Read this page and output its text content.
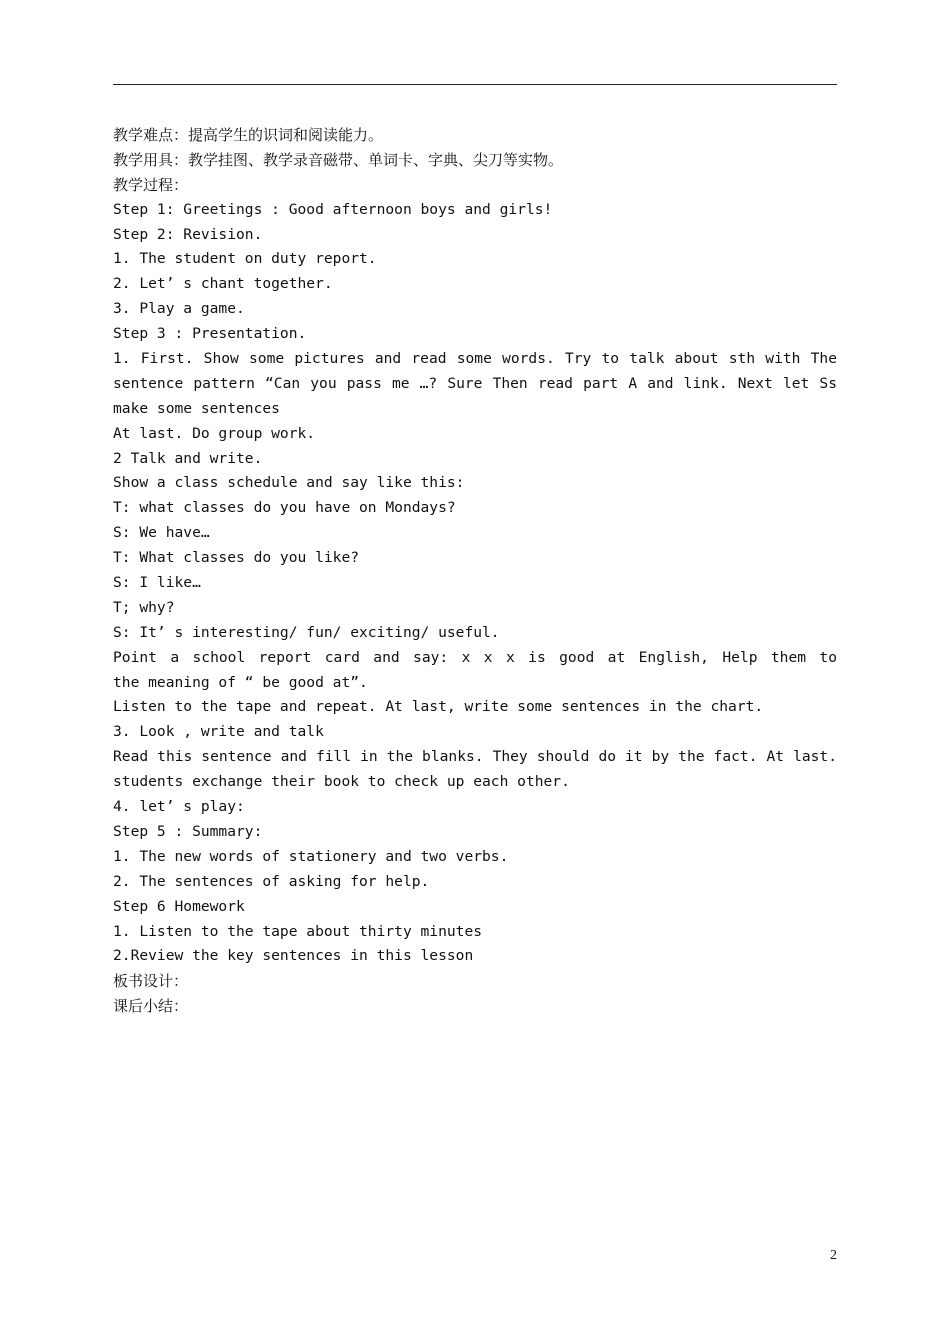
教学难点：提高学生的识词和阅读能力。
教学用具：教学挂图、教学录音磁带、单词卡、字典、尖刀等实物。
教学过程：
Step 1: Greetings : Good afternoon boys and girls!
Step 2: Revision.
1. The student on duty report.
2. Let’ s chant together.
3. Play a game.
Step 3 : Presentation.
1. First. Show some pictures and read some words. Try to talk about sth with The
sentence pattern “Can you pass me …? Sure Then read part A and link. Next let Ss
make some sentences
At last. Do group work.
2 Talk and write.
Show a class schedule and say like this:
T: what classes do you have on Mondays?
S: We have…
T: What classes do you like?
S: I like…
T; why?
S: It’ s interesting/ fun/ exciting/ useful.
Point a school report card and say: x x x is good at English, Help them to
the meaning of “ be good at”.
Listen to the tape and repeat. At last, write some sentences in the chart.
3. Look , write and talk
Read this sentence and fill in the blanks. They should do it by the fact. At last.
students exchange their book to check up each other.
4. let’ s play:
Step 5 : Summary:
1. The new words of stationery and two verbs.
2. The sentences of asking for help.
Step 6 Homework
1. Listen to the tape about thirty minutes
2.Review the key sentences in this lesson
板书设计：
课后小结：
2
